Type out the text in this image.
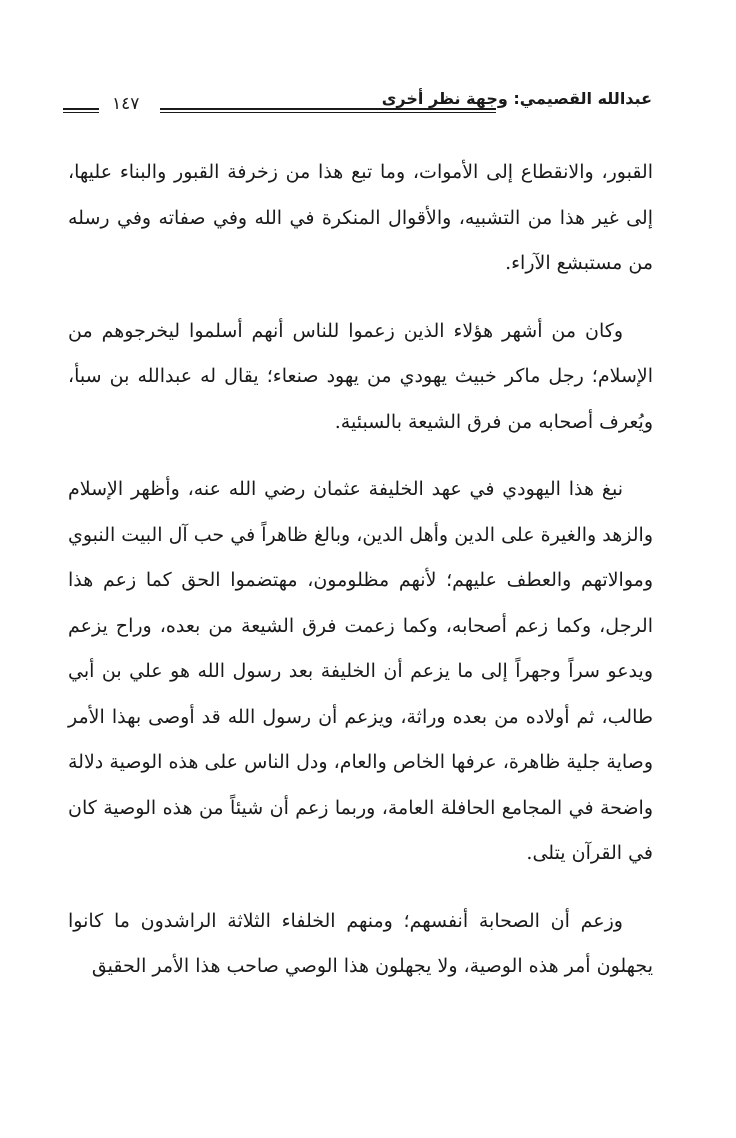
عبدالله القصيمي: وجهة نظر أخرى
١٤٧

القبور، والانقطاع إلى الأموات، وما تبع هذا من زخرفة القبور والبناء عليها، إلى غير هذا من التشبيه، والأقوال المنكرة في الله وفي صفاته وفي رسله من مستبشع الآراء.

وكان من أشهر هؤلاء الذين زعموا للناس أنهم أسلموا ليخرجوهم من الإسلام؛ رجل ماكر خبيث يهودي من يهود صنعاء؛ يقال له عبدالله بن سبأ، ويُعرف أصحابه من فرق الشيعة بالسبئية.

نبغ هذا اليهودي في عهد الخليفة عثمان رضي الله عنه، وأظهر الإسلام والزهد والغيرة على الدين وأهل الدين، وبالغ ظاهراً في حب آل البيت النبوي وموالاتهم والعطف عليهم؛ لأنهم مظلومون، مهتضموا الحق كما زعم هذا الرجل، وكما زعم أصحابه، وكما زعمت فرق الشيعة من بعده، وراح يزعم ويدعو سراً وجهراً إلى ما يزعم أن الخليفة بعد رسول الله هو علي بن أبي طالب، ثم أولاده من بعده وراثة، ويزعم أن رسول الله قد أوصى بهذا الأمر وصاية جلية ظاهرة، عرفها الخاص والعام، ودل الناس على هذه الوصية دلالة واضحة في المجامع الحافلة العامة، وربما زعم أن شيئاً من هذه الوصية كان في القرآن يتلى.

وزعم أن الصحابة أنفسهم؛ ومنهم الخلفاء الثلاثة الراشدون ما كانوا يجهلون أمر هذه الوصية، ولا يجهلون هذا الوصي صاحب هذا الأمر الحقيق
